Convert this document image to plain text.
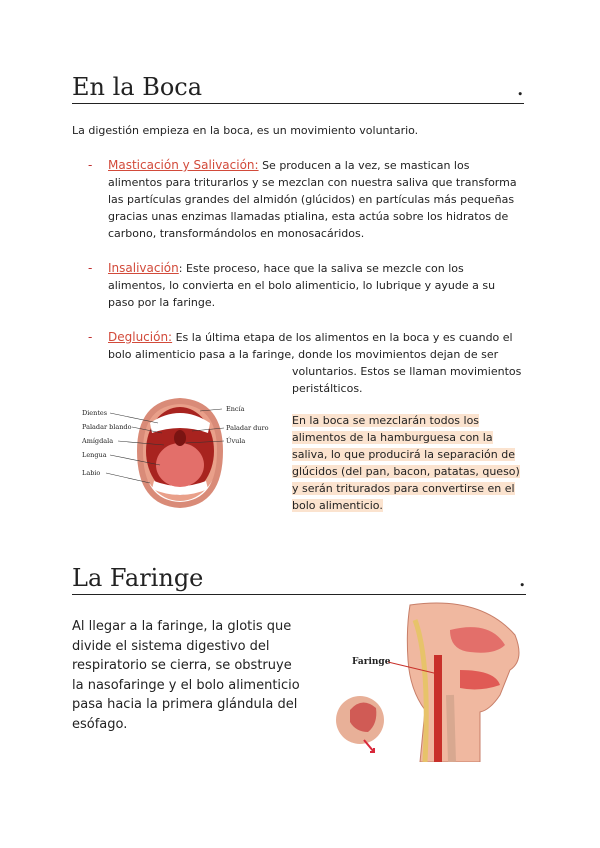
En la Boca	.
La digestión empieza en la boca, es un movimiento voluntario.
- Masticación y Salivación: Se producen a la vez, se mastican los alimentos para triturarlos y se mezclan con nuestra saliva que transforma las partículas grandes del almidón (glúcidos) en partículas más pequeñas gracias unas enzimas llamadas ptialina, esta actúa sobre los hidratos de carbono, transformándolos en monosacáridos.
- Insalivación: Este proceso, hace que la saliva se mezcle con los alimentos, lo convierta en el bolo alimenticio, lo lubrique y ayude a su paso por la faringe.
- Deglución: Es la última etapa de los alimentos en la boca y es cuando el bolo alimenticio pasa a la faringe, donde los movimientos dejan de ser
voluntarios. Estos se llaman movimientos peristálticos.
Dientes
Paladar blando
Amígdala
Lengua
Labio
Encía
Paladar duro
Úvula
En la boca se mezclarán todos los alimentos de la hamburguesa con la saliva, lo que producirá la separación de glúcidos (del pan, bacon, patatas, queso) y serán triturados para convertirse en el bolo alimenticio.
La Faringe	.
Al llegar a la faringe, la glotis que divide el sistema digestivo del respiratorio se cierra, se obstruye la nasofaringe y el bolo alimenticio pasa hacia la primera glándula del esófago.
Faringe
